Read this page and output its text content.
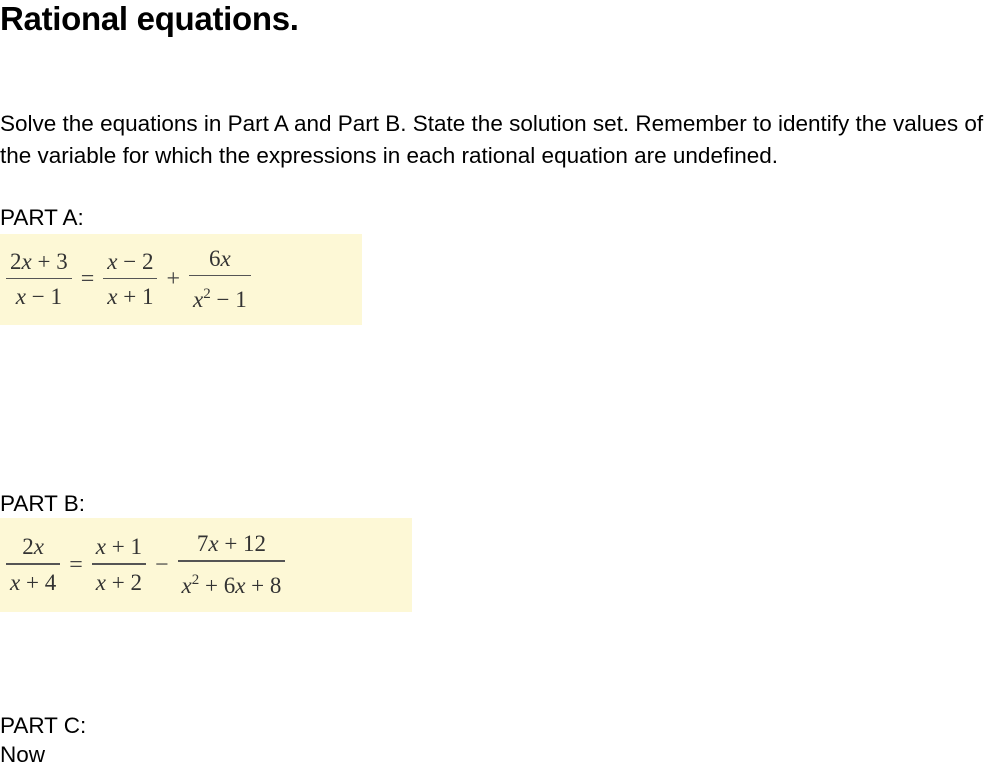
Rational equations.
Solve the equations in Part A and Part B. State the solution set. Remember to identify the values of the variable for which the expressions in each rational equation are undefined.
PART A:
$\frac{2x + 3}{x - 1} = \frac{x - 2}{x + 1} + \frac{6x}{x^2 - 1}$
PART B:
$\frac{2x}{x + 4} = \frac{x + 1}{x + 2} - \frac{7x + 12}{x^2 + 6x + 8}$
PART C:
Now
